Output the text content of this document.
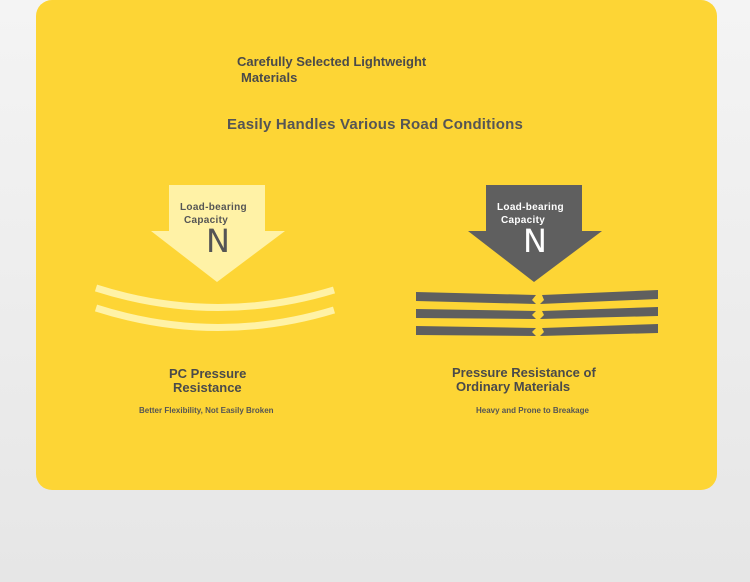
Carefully Selected Lightweight
Materials
Easily Handles Various Road Conditions
Load-bearing
Capacity
N
PC Pressure
Resistance
Better Flexibility, Not Easily Broken
Load-bearing
Capacity
N
Pressure Resistance of
Ordinary Materials
Heavy and Prone to Breakage
